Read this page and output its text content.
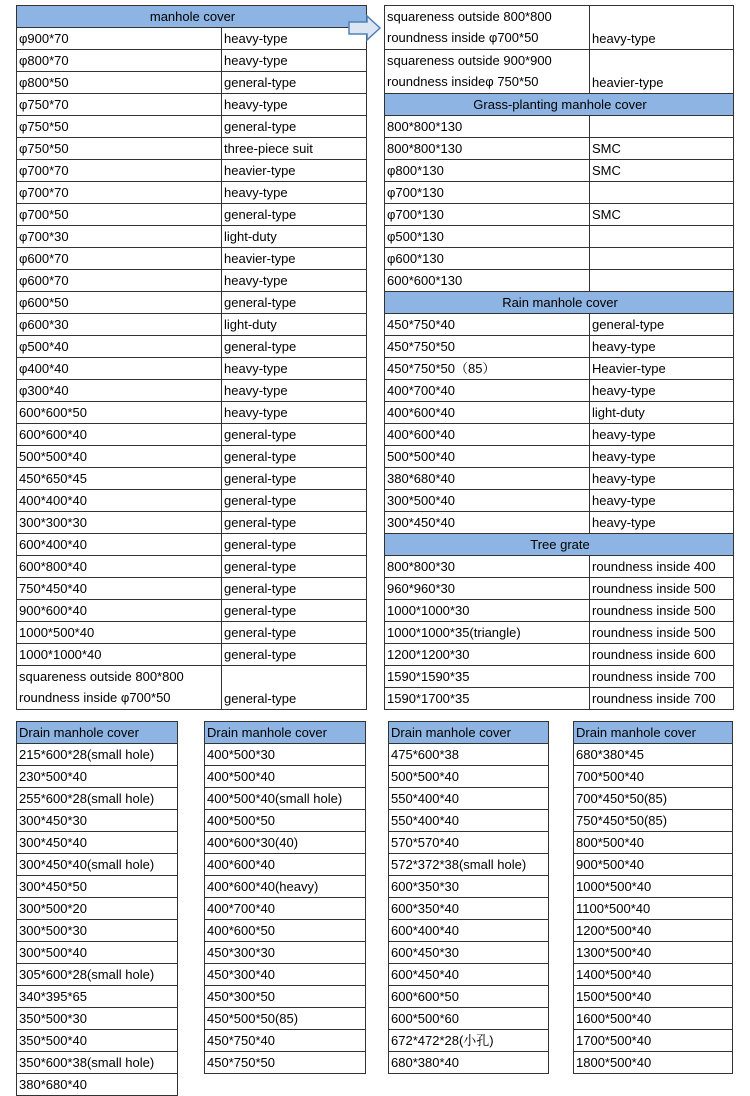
manhole cover	
φ900*70	heavy-type
φ800*70	heavy-type
φ800*50	general-type
φ750*70	heavy-type
φ750*50	general-type
φ750*50	three-piece suit
φ700*70	heavier-type
φ700*70	heavy-type
φ700*50	general-type
φ700*30	light-duty
φ600*70	heavier-type
φ600*70	heavy-type
φ600*50	general-type
φ600*30	light-duty
φ500*40	general-type
φ400*40	heavy-type
φ300*40	heavy-type
600*600*50	heavy-type
600*600*40	general-type
500*500*40	general-type
450*650*45	general-type
400*400*40	general-type
300*300*30	general-type
600*400*40	general-type
600*800*40	general-type
750*450*40	general-type
900*600*40	general-type
1000*500*40	general-type
1000*1000*40	general-type

squareness outside 800*800
roundness inside φ700*50	general-type
squareness outside 800*800
roundness inside φ700*50	heavy-type

squareness outside 900*900
roundness insideφ 750*50	heavier-type
Grass-planting manhole cover	
800*800*130	
800*800*130	SMC
φ800*130	SMC
φ700*130	
φ700*130	SMC
φ500*130	
φ600*130	
600*600*130	
Rain manhole cover	
450*750*40	general-type
450*750*50	heavy-type
450*750*50（85）	Heavier-type
400*700*40	heavy-type
400*600*40	light-duty
400*600*40	heavy-type
500*500*40	heavy-type
380*680*40	heavy-type
300*500*40	heavy-type
300*450*40	heavy-type
Tree grate	
800*800*30	roundness inside 400
960*960*30	roundness inside 500
1000*1000*30	roundness inside 500
1000*1000*35(triangle)	roundness inside 500
1200*1200*30	roundness inside 600
1590*1590*35	roundness inside 700
1590*1700*35	roundness inside 700
Drain manhole cover
215*600*28(small hole)
230*500*40
255*600*28(small hole)
300*450*30
300*450*40
300*450*40(small hole)
300*450*50
300*500*20
300*500*30
300*500*40
305*600*28(small hole)
340*395*65
350*500*30
350*500*40
350*600*38(small hole)
380*680*40
Drain manhole cover
400*500*30
400*500*40
400*500*40(small hole)
400*500*50
400*600*30(40)
400*600*40
400*600*40(heavy)
400*700*40
400*600*50
450*300*30
450*300*40
450*300*50
450*500*50(85)
450*750*40
450*750*50
Drain manhole cover
475*600*38
500*500*40
550*400*40
550*400*40
570*570*40
572*372*38(small hole)
600*350*30
600*350*40
600*400*40
600*450*30
600*450*40
600*600*50
600*500*60
672*472*28(小孔)
680*380*40
Drain manhole cover
680*380*45
700*500*40
700*450*50(85)
750*450*50(85)
800*500*40
900*500*40
1000*500*40
1100*500*40
1200*500*40
1300*500*40
1400*500*40
1500*500*40
1600*500*40
1700*500*40
1800*500*40
